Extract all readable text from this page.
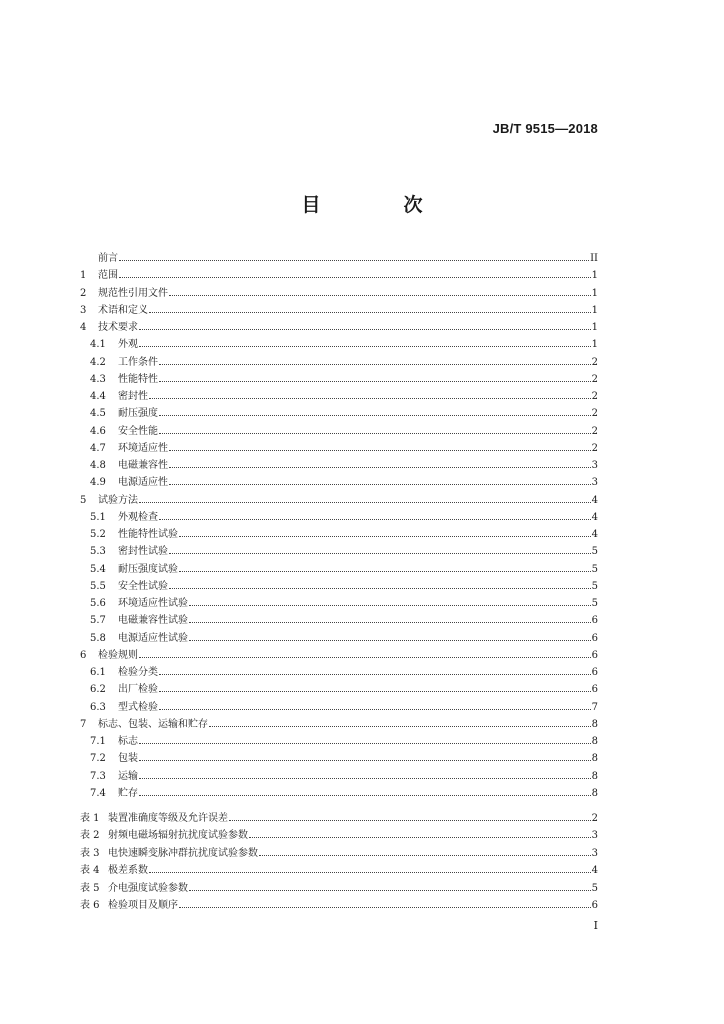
JB/T 9515—2018
目　次
前言	II
1	范围	1
2	规范性引用文件	1
3	术语和定义	1
4	技术要求	1
4.1	外观	1
4.2	工作条件	2
4.3	性能特性	2
4.4	密封性	2
4.5	耐压强度	2
4.6	安全性能	2
4.7	环境适应性	2
4.8	电磁兼容性	3
4.9	电源适应性	3
5	试验方法	4
5.1	外观检查	4
5.2	性能特性试验	4
5.3	密封性试验	5
5.4	耐压强度试验	5
5.5	安全性试验	5
5.6	环境适应性试验	5
5.7	电磁兼容性试验	6
5.8	电源适应性试验	6
6	检验规则	6
6.1	检验分类	6
6.2	出厂检验	6
6.3	型式检验	7
7	标志、包装、运输和贮存	8
7.1	标志	8
7.2	包装	8
7.3	运输	8
7.4	贮存	8
表 1 装置准确度等级及允许误差	2
表 2 射频电磁场辐射抗扰度试验参数	3
表 3 电快速瞬变脉冲群抗扰度试验参数	3
表 4 极差系数	4
表 5 介电强度试验参数	5
表 6 检验项目及顺序	6
I
